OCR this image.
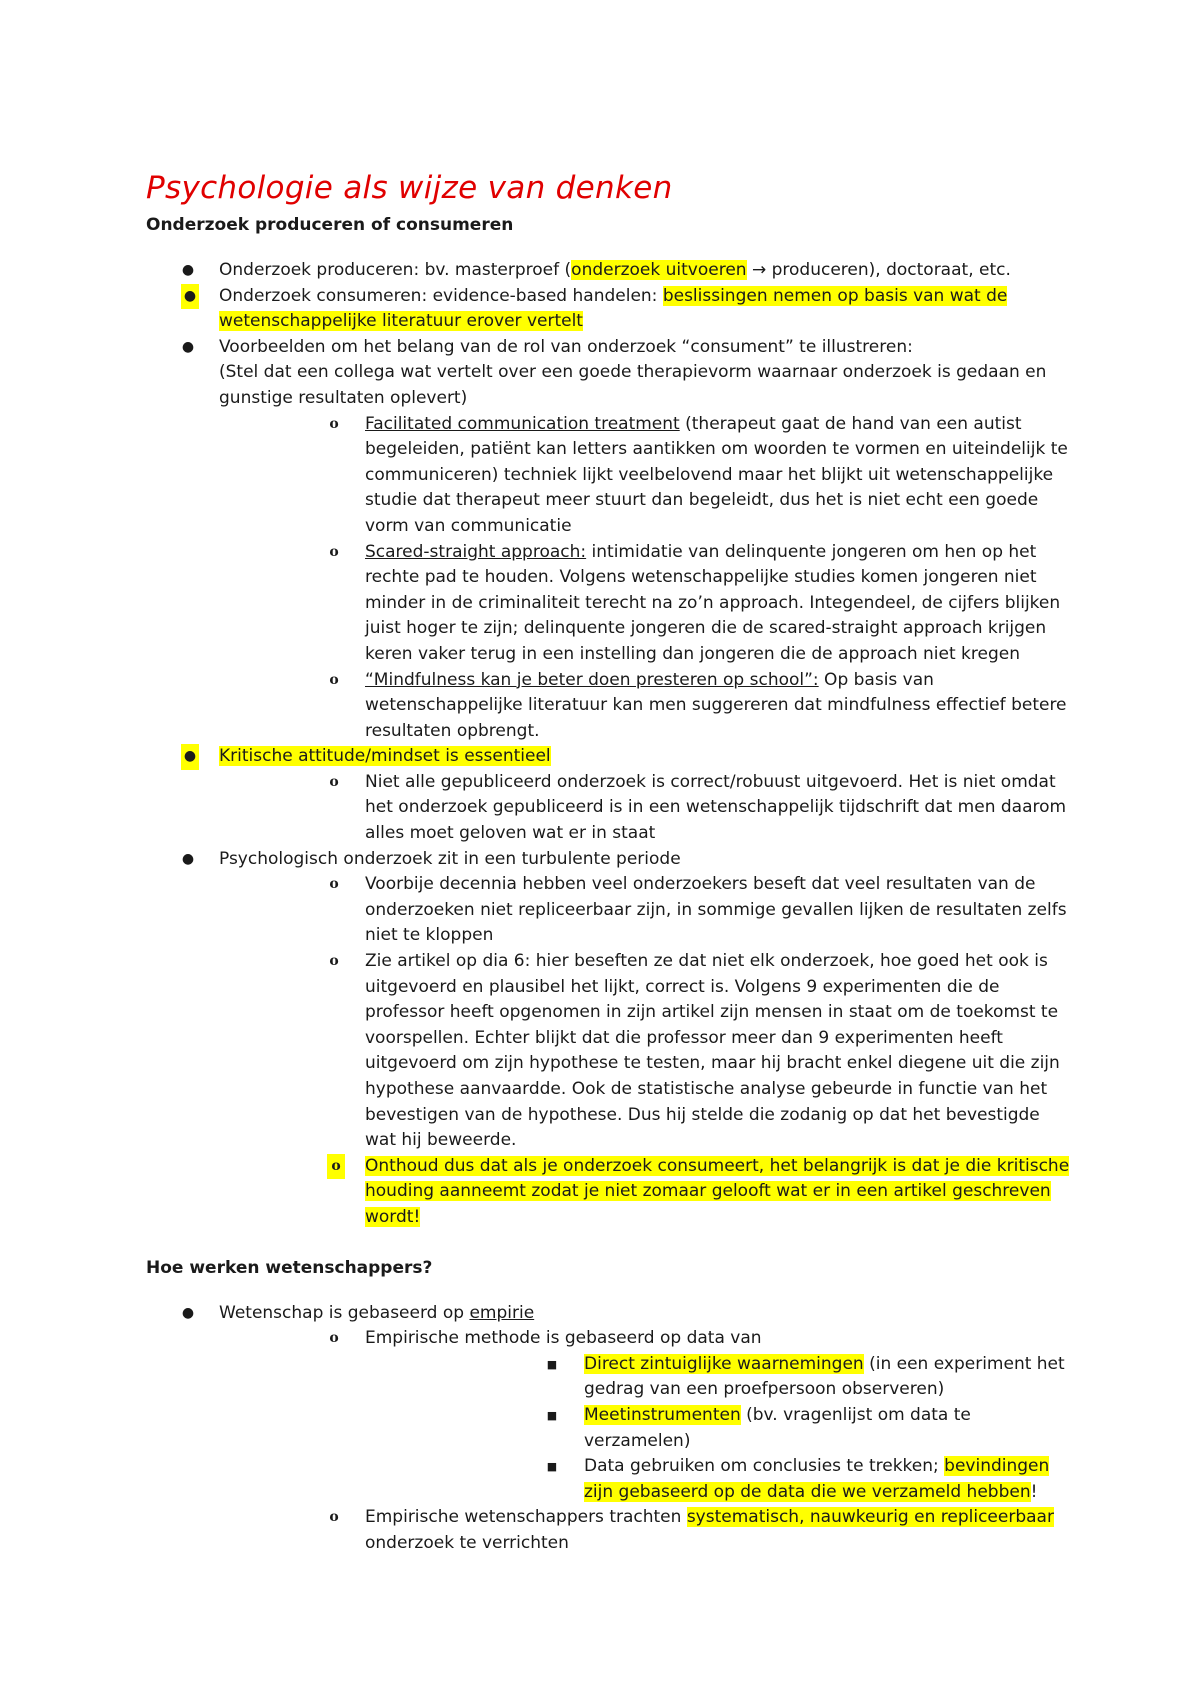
Psychologie als wijze van denken
Onderzoek produceren of consumeren
● Onderzoek produceren: bv. masterproef (onderzoek uitvoeren → produceren), doctoraat, etc.
● Onderzoek consumeren: evidence-based handelen: beslissingen nemen op basis van wat de wetenschappelijke literatuur erover vertelt
● Voorbeelden om het belang van de rol van onderzoek “consument” te illustreren:
(Stel dat een collega wat vertelt over een goede therapievorm waarnaar onderzoek is gedaan en gunstige resultaten oplevert)
o Facilitated communication treatment (therapeut gaat de hand van een autist begeleiden, patiënt kan letters aantikken om woorden te vormen en uiteindelijk te communiceren) techniek lijkt veelbelovend maar het blijkt uit wetenschappelijke studie dat therapeut meer stuurt dan begeleidt, dus het is niet echt een goede vorm van communicatie
o Scared-straight approach: intimidatie van delinquente jongeren om hen op het rechte pad te houden. Volgens wetenschappelijke studies komen jongeren niet minder in de criminaliteit terecht na zo’n approach. Integendeel, de cijfers blijken juist hoger te zijn; delinquente jongeren die de scared-straight approach krijgen keren vaker terug in een instelling dan jongeren die de approach niet kregen
o “Mindfulness kan je beter doen presteren op school”: Op basis van wetenschappelijke literatuur kan men suggereren dat mindfulness effectief betere resultaten opbrengt.
● Kritische attitude/mindset is essentieel
o Niet alle gepubliceerd onderzoek is correct/robuust uitgevoerd. Het is niet omdat het onderzoek gepubliceerd is in een wetenschappelijk tijdschrift dat men daarom alles moet geloven wat er in staat
● Psychologisch onderzoek zit in een turbulente periode
o Voorbije decennia hebben veel onderzoekers beseft dat veel resultaten van de onderzoeken niet repliceerbaar zijn, in sommige gevallen lijken de resultaten zelfs niet te kloppen
o Zie artikel op dia 6: hier beseften ze dat niet elk onderzoek, hoe goed het ook is uitgevoerd en plausibel het lijkt, correct is. Volgens 9 experimenten die de professor heeft opgenomen in zijn artikel zijn mensen in staat om de toekomst te voorspellen. Echter blijkt dat die professor meer dan 9 experimenten heeft uitgevoerd om zijn hypothese te testen, maar hij bracht enkel diegene uit die zijn hypothese aanvaardde. Ook de statistische analyse gebeurde in functie van het bevestigen van de hypothese. Dus hij stelde die zodanig op dat het bevestigde wat hij beweerde.
o Onthoud dus dat als je onderzoek consumeert, het belangrijk is dat je die kritische houding aanneemt zodat je niet zomaar gelooft wat er in een artikel geschreven wordt!
Hoe werken wetenschappers?
● Wetenschap is gebaseerd op empirie
o Empirische methode is gebaseerd op data van
■ Direct zintuiglijke waarnemingen (in een experiment het gedrag van een proefpersoon observeren)
■ Meetinstrumenten (bv. vragenlijst om data te verzamelen)
■ Data gebruiken om conclusies te trekken; bevindingen zijn gebaseerd op de data die we verzameld hebben!
o Empirische wetenschappers trachten systematisch, nauwkeurig en repliceerbaar onderzoek te verrichten
